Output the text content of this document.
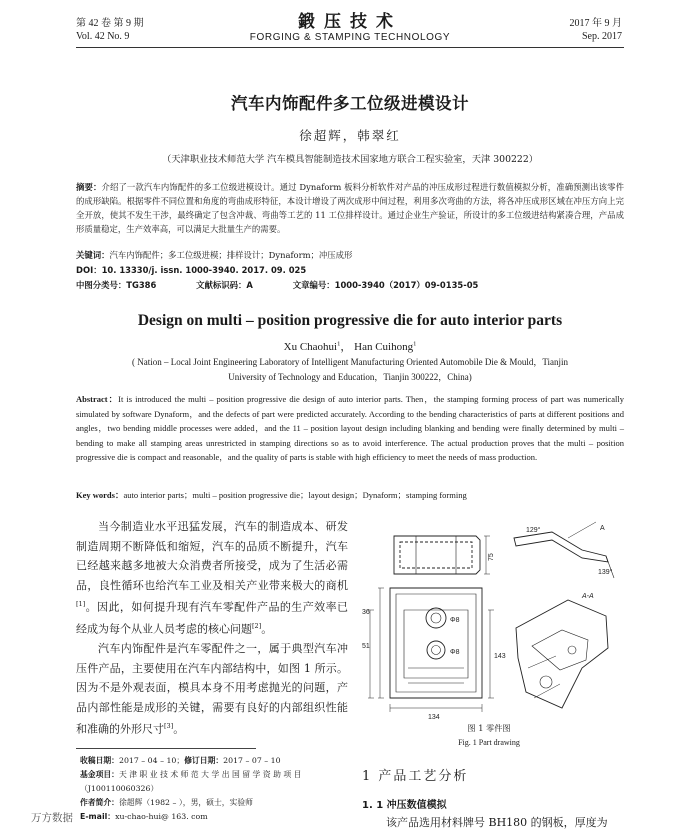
第 42 卷 第 9 期
Vol. 42 No. 9
鍛压技术
FORGING & STAMPING TECHNOLOGY
2017 年 9 月
Sep. 2017
汽车内饰配件多工位级进模设计
徐超辉，韩翠红
（天津职业技术师范大学 汽车模具智能制造技术国家地方联合工程实验室，天津 300222）
摘要：介绍了一款汽车内饰配件的多工位级进模设计。通过 Dynaform 板料分析软件对产品的冲压成形过程进行数值模拟分析，准确预测出该零件的成形缺陷。根据零件不同位置和角度的弯曲成形特征，本设计增设了两次成形中间过程，利用多次弯曲的方法，将各冲压成形区域在冲压方向上完全开放，使其不发生干涉，最终确定了包含冲裁、弯曲等工艺的 11 工位排样设计。通过企业生产验证，所设计的多工位级进结构紧凑合理，产品成形质量稳定，生产效率高，可以满足大批量生产的需要。
关键词：汽车内饰配件；多工位级进模；排样设计；Dynaform；冲压成形
DOI：10. 13330/j. issn. 1000-3940. 2017. 09. 025
中图分类号：TG386	文献标识码：A	文章编号：1000-3940（2017）09-0135-05
Design on multi – position progressive die for auto interior parts
Xu Chaohui$^1$， Han Cuihong$^1$
( Nation – Local Joint Engineering Laboratory of Intelligent Manufacturing Oriented Automobile Die & Mould，Tianjin
University of Technology and Education，Tianjin 300222，China)
Abstract：It is introduced the multi – position progressive die design of auto interior parts. Then，the stamping forming process of part was numerically simulated by software Dynaform，and the defects of part were predicted accurately. According to the bending characteristics of parts at different positions and angles，two bending middle processes were added，and the 11 – position layout design including blanking and bending were finally determined by multi – bending to make all stamping areas unrestricted in stamping directions so as to avoid interference. The actual production proves that the multi – position progressive die is compact and reasonable，and the quality of parts is stable with high efficiency to meet the needs of mass production.
Key words：auto interior parts；multi – position progressive die；layout design；Dynaform；stamping forming

当今制造业水平迅猛发展，汽车的制造成本、研发制造周期不断降低和缩短，汽车的品质不断提升，汽车已经越来越多地被大众消费者所接受，成为了生活必需品，良性循环也给汽车工业及相关产业带来极大的商机[1]。因此，如何提升现有汽车零配件产品的生产效率已经成为每个从业人员考虑的核心问题[2]。

汽车内饰配件是汽车零配件之一，属于典型汽车冲压件产品，主要使用在汽车内部结构中，如图 1 所示。因为不是外观表面，模具本身不用考虑抛光的问题，产品内部性能是成形的关键，需要有良好的内部组织性能和准确的外形尺寸[3]。

75
36
51
143
134
Φ8
Φ8
A
A-A
129°
139°
图 1 零件图
Fig. 1 Part drawing
收稿日期：2017 – 04 – 10；修订日期：2017 – 07 – 10
基金项目：天 津 职 业 技 术 师 范 大 学 出 国 留 学 资 助 项 目
（J100110060326）
作者简介：徐超辉（1982 – ），男，硕士，实验师
E-mail：xu-chao-hui@ 163. com
1 产品工艺分析
1. 1 冲压数值模拟
该产品选用材料牌号 BH180 的钢板，厚度为
万方数据
